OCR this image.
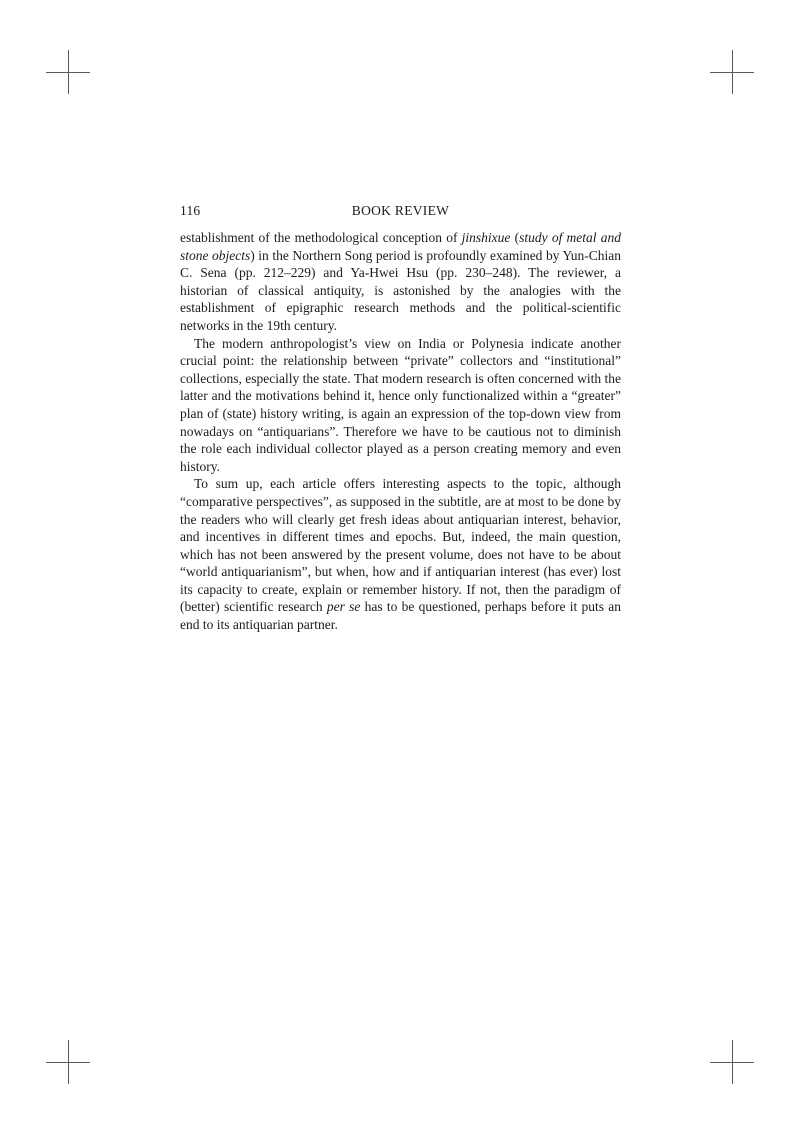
116	BOOK REVIEW

establishment of the methodological conception of jinshixue (study of metal and stone objects) in the Northern Song period is profoundly examined by Yun-Chian C. Sena (pp. 212–229) and Ya-Hwei Hsu (pp. 230–248). The reviewer, a historian of classical antiquity, is astonished by the analogies with the establishment of epigraphic research methods and the political-scientific networks in the 19th century.

The modern anthropologist’s view on India or Polynesia indicate another crucial point: the relationship between “private” collectors and “institutional” collections, especially the state. That modern research is often concerned with the latter and the motivations behind it, hence only functionalized within a “greater” plan of (state) history writing, is again an expression of the top-down view from nowadays on “antiquarians”. Therefore we have to be cautious not to diminish the role each individual collector played as a person creating memory and even history.

To sum up, each article offers interesting aspects to the topic, although “comparative perspectives”, as supposed in the subtitle, are at most to be done by the readers who will clearly get fresh ideas about antiquarian interest, behavior, and incentives in different times and epochs. But, indeed, the main question, which has not been answered by the present volume, does not have to be about “world antiquarianism”, but when, how and if antiquarian interest (has ever) lost its capacity to create, explain or remember history. If not, then the paradigm of (better) scientific research per se has to be questioned, perhaps before it puts an end to its antiquarian partner.
